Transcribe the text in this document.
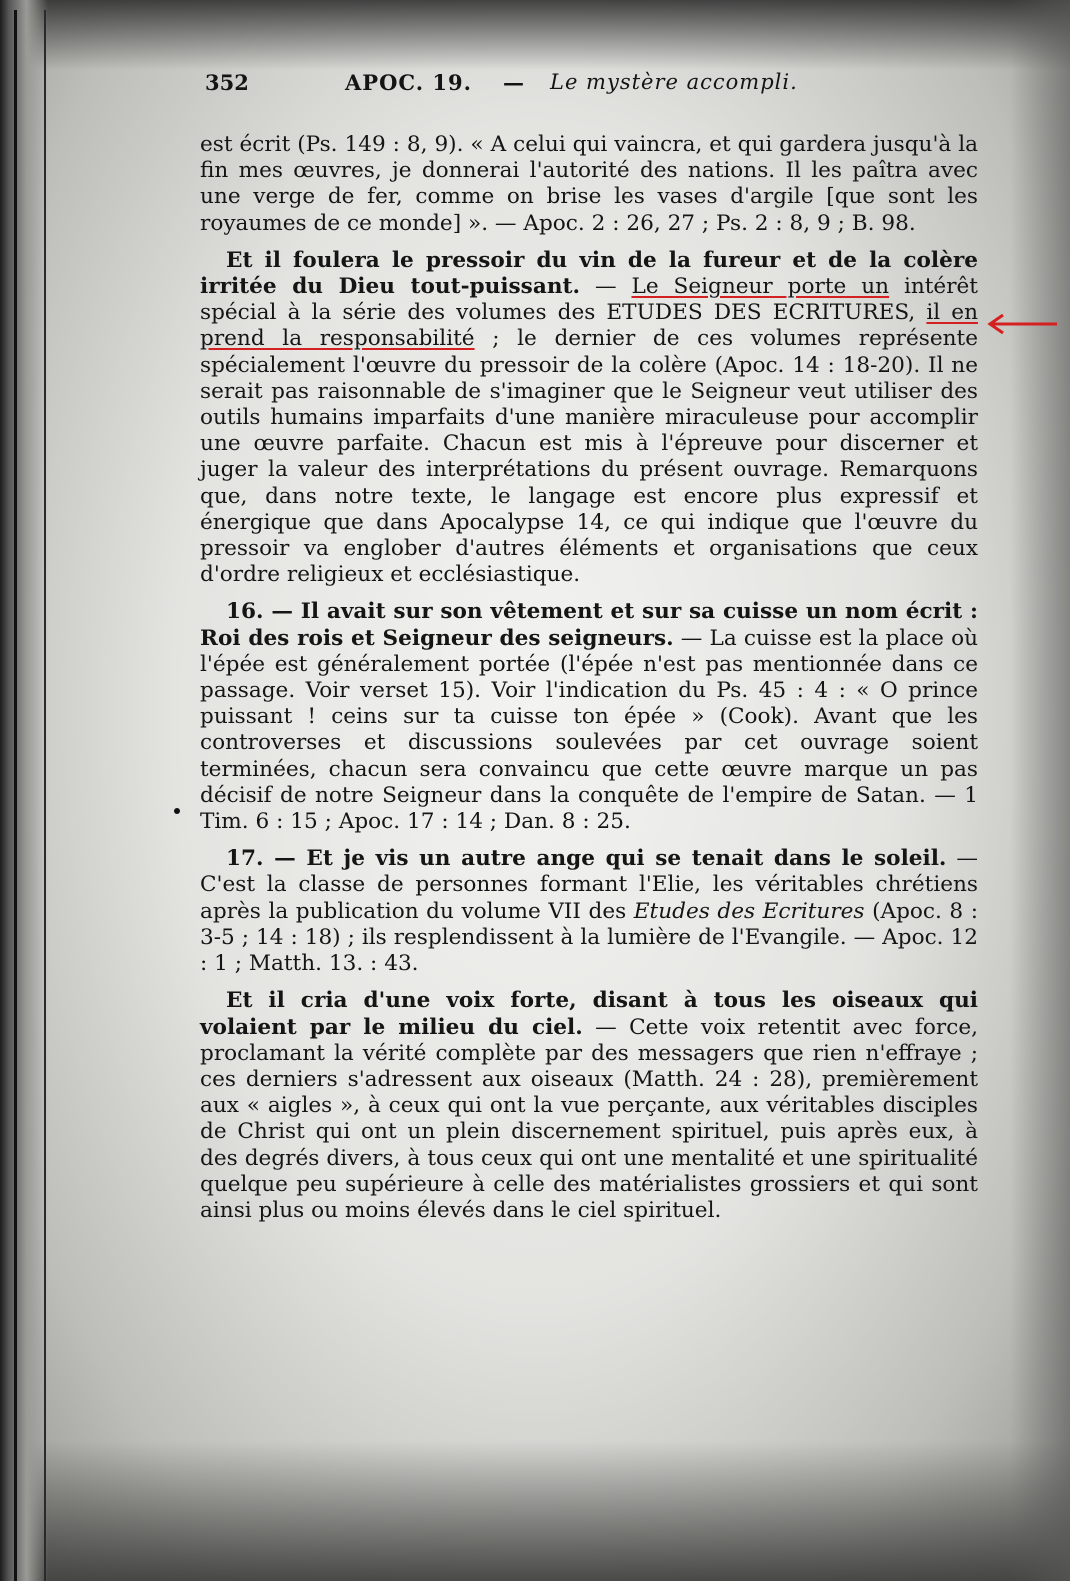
352	APOC. 19. — Le mystère accompli.

est écrit (Ps. 149 : 8, 9). « A celui qui vaincra, et qui gardera jusqu'à la fin mes œuvres, je donnerai l'autorité des nations. Il les paîtra avec une verge de fer, comme on brise les vases d'argile [que sont les royaumes de ce monde] ». — Apoc. 2 : 26, 27 ; Ps. 2 : 8, 9 ; B. 98.

Et il foulera le pressoir du vin de la fureur et de la colère irritée du Dieu tout-puissant. — Le Seigneur porte un intérêt spécial à la série des volumes des ETUDES DES ECRITURES, il en prend la responsabilité ; le dernier de ces volumes représente spécialement l'œuvre du pressoir de la colère (Apoc. 14 : 18-20). Il ne serait pas raisonnable de s'imaginer que le Seigneur veut utiliser des outils humains imparfaits d'une manière miraculeuse pour accomplir une œuvre parfaite. Chacun est mis à l'épreuve pour discerner et juger la valeur des interprétations du présent ouvrage. Remarquons que, dans notre texte, le langage est encore plus expressif et énergique que dans Apocalypse 14, ce qui indique que l'œuvre du pressoir va englober d'autres éléments et organisations que ceux d'ordre religieux et ecclésiastique.

16. — Il avait sur son vêtement et sur sa cuisse un nom écrit : Roi des rois et Seigneur des seigneurs. — La cuisse est la place où l'épée est généralement portée (l'épée n'est pas mentionnée dans ce passage. Voir verset 15). Voir l'indication du Ps. 45 : 4 : « O prince puissant ! ceins sur ta cuisse ton épée » (Cook). Avant que les controverses et discussions soulevées par cet ouvrage soient terminées, chacun sera convaincu que cette œuvre marque un pas décisif de notre Seigneur dans la conquête de l'empire de Satan. — 1 Tim. 6 : 15 ; Apoc. 17 : 14 ; Dan. 8 : 25.

17. — Et je vis un autre ange qui se tenait dans le soleil. — C'est la classe de personnes formant l'Elie, les véritables chrétiens après la publication du volume VII des Etudes des Ecritures (Apoc. 8 : 3-5 ; 14 : 18) ; ils resplendissent à la lumière de l'Evangile. — Apoc. 12 : 1 ; Matth. 13. : 43.

Et il cria d'une voix forte, disant à tous les oiseaux qui volaient par le milieu du ciel. — Cette voix retentit avec force, proclamant la vérité complète par des messagers que rien n'effraye ; ces derniers s'adressent aux oiseaux (Matth. 24 : 28), premièrement aux « aigles », à ceux qui ont la vue perçante, aux véritables disciples de Christ qui ont un plein discernement spirituel, puis après eux, à des degrés divers, à tous ceux qui ont une mentalité et une spiritualité quelque peu supérieure à celle des matérialistes grossiers et qui sont ainsi plus ou moins élevés dans le ciel spirituel.
